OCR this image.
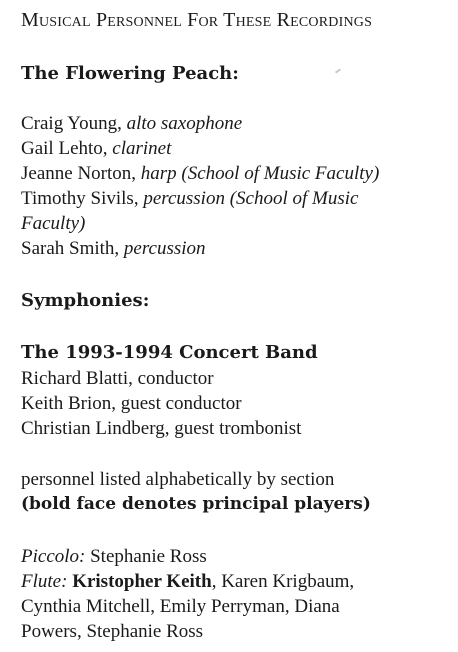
Musical Personnel For These Recordings
The Flowering Peach:
Craig Young, alto saxophone
Gail Lehto, clarinet
Jeanne Norton, harp (School of Music Faculty)
Timothy Sivils, percussion (School of Music
Faculty)
Sarah Smith, percussion
Symphonies:
The 1993-1994 Concert Band
Richard Blatti, conductor
Keith Brion, guest conductor
Christian Lindberg, guest trombonist
personnel listed alphabetically by section
(bold face denotes principal players)
Piccolo: Stephanie Ross
Flute: Kristopher Keith, Karen Krigbaum,
Cynthia Mitchell, Emily Perryman, Diana
Powers, Stephanie Ross
